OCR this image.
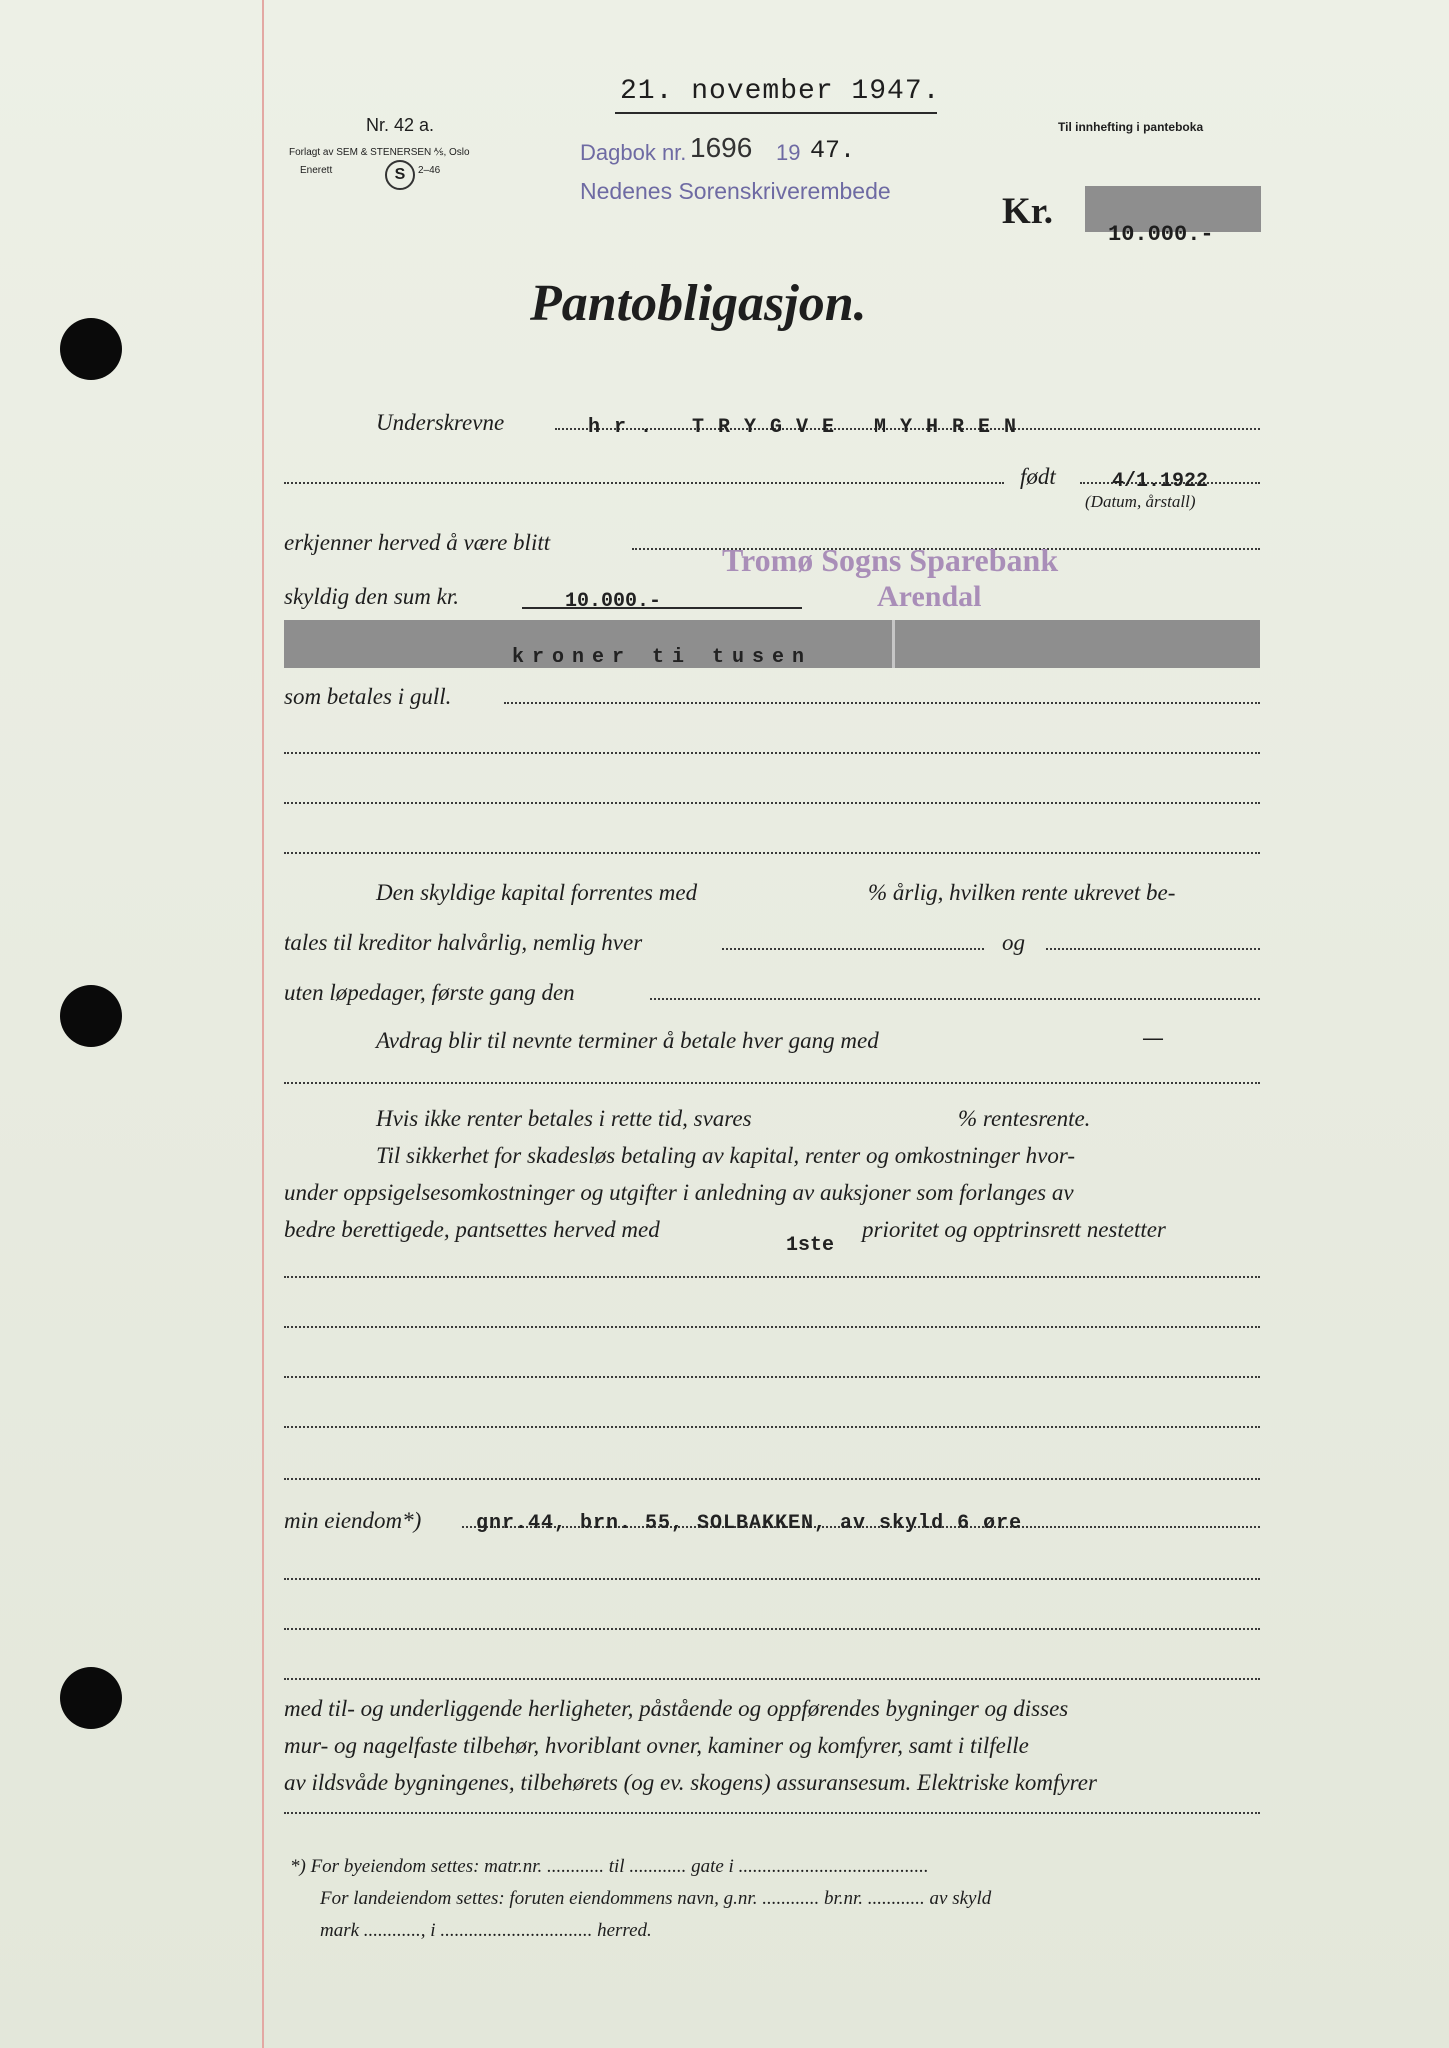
21. november 1947.
Nr. 42 a.
Forlagt av SEM & STENERSEN ⅍, Oslo
Enerett	S	2–46
Til innhefting i panteboka
Dagbok nr. 1696 19 47.
Nedenes Sorenskriverembede	Kr.
10.000.-
Pantobligasjon.
Underskrevne	hr. TRYGVE MYHREN
født	4/1.1922
(Datum, årstall)
erkjenner herved å være blitt	Tromø Sogns Sparebank
Arendal
skyldig den sum kr.	10.000.-
kroner ti tusen
som betales i gull.
Den skyldige kapital forrentes med	% årlig, hvilken rente ukrevet be-
tales til kreditor halvårlig, nemlig hver	og
uten løpedager, første gang den
Avdrag blir til nevnte terminer å betale hver gang med	—
Hvis ikke renter betales i rette tid, svares	% rentesrente.
Til sikkerhet for skadesløs betaling av kapital, renter og omkostninger hvor-
under oppsigelsesomkostninger og utgifter i anledning av auksjoner som forlanges av
bedre berettigede, pantsettes herved med
1ste
prioritet og opptrinsrett nestetter
min eiendom*)	gnr.44, brn. 55, SOLBAKKEN, av skyld 6 øre
med til- og underliggende herligheter, påstående og oppførendes bygninger og disses
mur- og nagelfaste tilbehør, hvoriblant ovner, kaminer og komfyrer, samt i tilfelle
av ildsvåde bygningenes, tilbehørets (og ev. skogens) assuransesum. Elektriske komfyrer
*) For byeiendom settes: matr.nr. ............ til ............ gate i ........................................
For landeiendom settes: foruten eiendommens navn, g.nr. ............ br.nr. ............ av skyld
mark ............, i ................................ herred.
